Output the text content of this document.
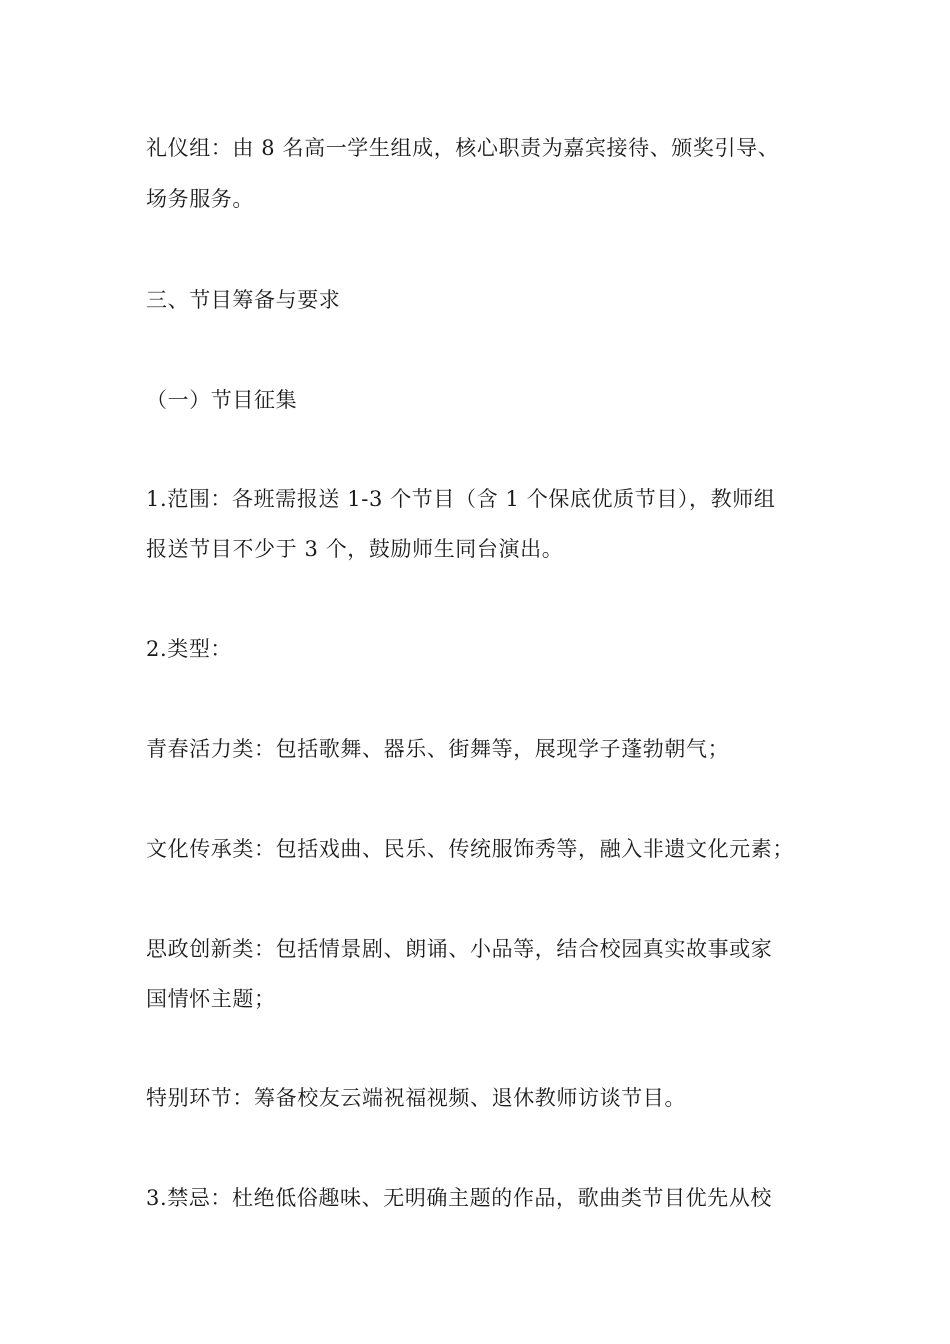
礼仪组：由 8 名高一学生组成，核心职责为嘉宾接待、颁奖引导、
场务服务。
三、节目筹备与要求
（一）节目征集
1.范围：各班需报送 1-3 个节目（含 1 个保底优质节目），教师组
报送节目不少于 3 个，鼓励师生同台演出。
2.类型：
青春活力类：包括歌舞、器乐、街舞等，展现学子蓬勃朝气；
文化传承类：包括戏曲、民乐、传统服饰秀等，融入非遗文化元素；
思政创新类：包括情景剧、朗诵、小品等，结合校园真实故事或家
国情怀主题；
特别环节：筹备校友云端祝福视频、退休教师访谈节目。
3.禁忌：杜绝低俗趣味、无明确主题的作品，歌曲类节目优先从校
